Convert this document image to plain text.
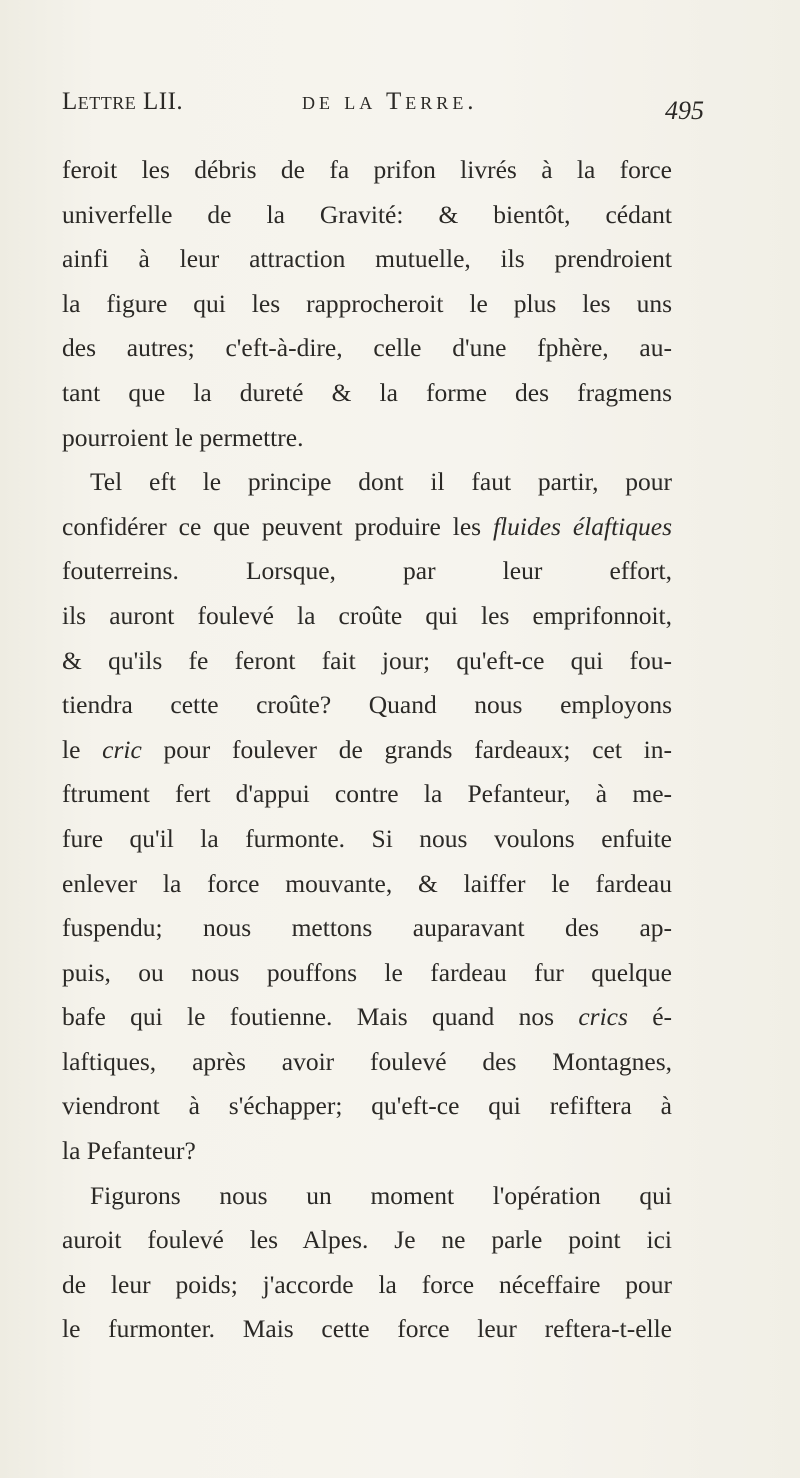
Lettre LII.	de la Terre.	495
feroit les débris de fa prifon livrés à la force
univerfelle de la Gravité: & bientôt, cédant
ainfi à leur attraction mutuelle, ils prendroient
la figure qui les rapprocheroit le plus les uns
des autres; c'eft-à-dire, celle d'une fphère, au-
tant que la dureté & la forme des fragmens
pourroient le permettre.
Tel eft le principe dont il faut partir, pour
confidérer ce que peuvent produire les fluides élaftiques
fouterreins. Lorsque, par leur effort,
ils auront foulevé la croûte qui les emprifonnoit,
& qu'ils fe feront fait jour; qu'eft-ce qui fou-
tiendra cette croûte? Quand nous employons
le cric pour foulever de grands fardeaux; cet in-
ftrument fert d'appui contre la Pefanteur, à me-
fure qu'il la furmonte. Si nous voulons enfuite
enlever la force mouvante, & laiffer le fardeau
fuspendu; nous mettons auparavant des ap-
puis, ou nous pouffons le fardeau fur quelque
bafe qui le foutienne. Mais quand nos crics é-
laftiques, après avoir foulevé des Montagnes,
viendront à s'échapper; qu'eft-ce qui refiftera à
la Pefanteur?
Figurons nous un moment l'opération qui
auroit foulevé les Alpes. Je ne parle point ici
de leur poids; j'accorde la force néceffaire pour
le furmonter. Mais cette force leur reftera-t-elle
